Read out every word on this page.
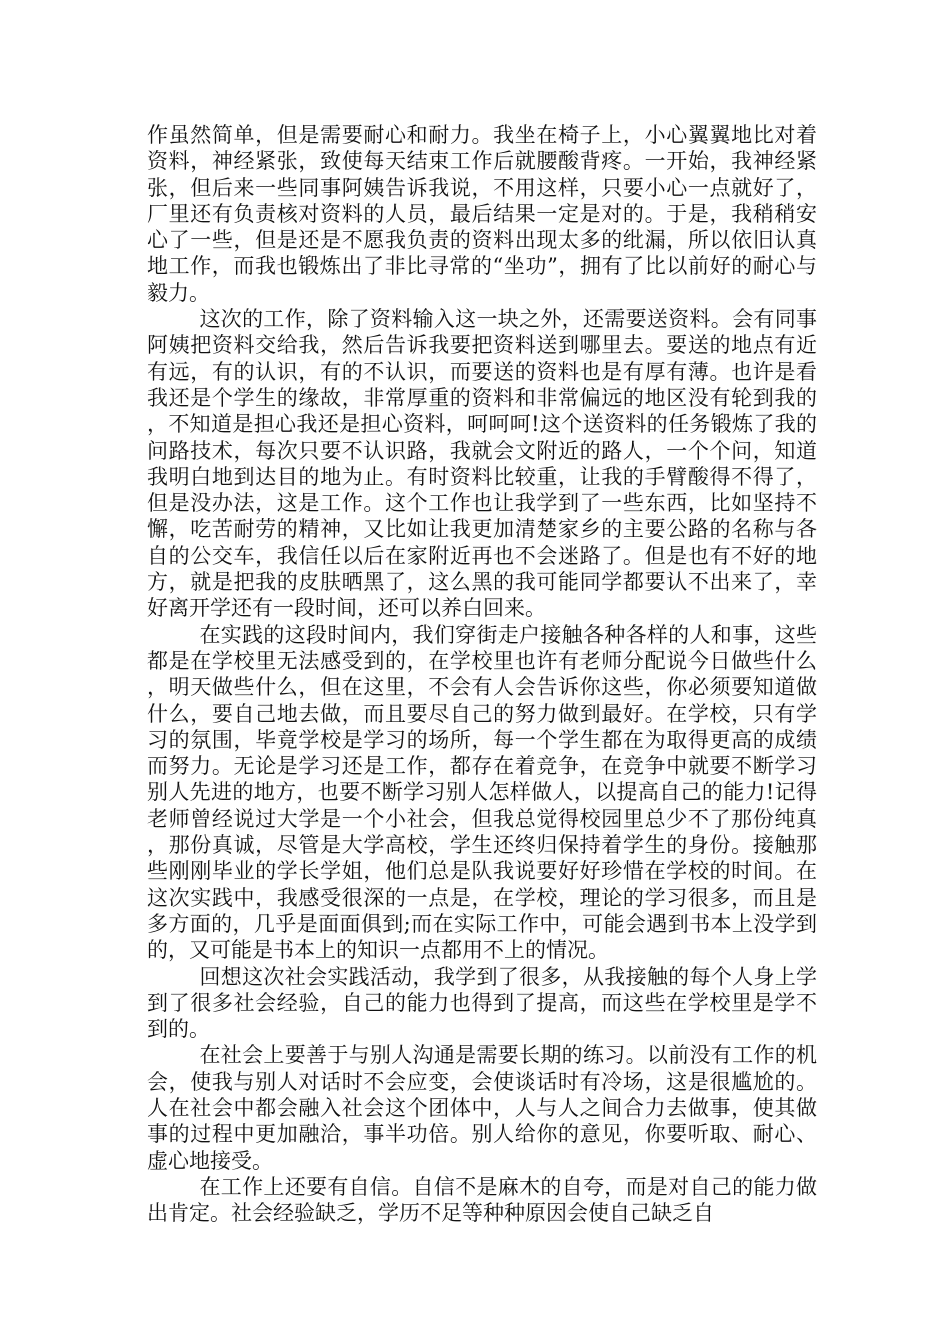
作虽然简单，但是需要耐心和耐力。我坐在椅子上，小心翼翼地比对着资料，神经紧张，致使每天结束工作后就腰酸背疼。一开始，我神经紧张，但后来一些同事阿姨告诉我说，不用这样，只要小心一点就好了，厂里还有负责核对资料的人员，最后结果一定是对的。于是，我稍稍安心了一些，但是还是不愿我负责的资料出现太多的纰漏，所以依旧认真地工作，而我也锻炼出了非比寻常的“坐功”，拥有了比以前好的耐心与毅力。

这次的工作，除了资料输入这一块之外，还需要送资料。会有同事阿姨把资料交给我，然后告诉我要把资料送到哪里去。要送的地点有近有远，有的认识，有的不认识，而要送的资料也是有厚有薄。也许是看我还是个学生的缘故，非常厚重的资料和非常偏远的地区没有轮到我的，不知道是担心我还是担心资料，呵呵呵!这个送资料的任务锻炼了我的问路技术，每次只要不认识路，我就会文附近的路人，一个个问，知道我明白地到达目的地为止。有时资料比较重，让我的手臂酸得不得了，但是没办法，这是工作。这个工作也让我学到了一些东西，比如坚持不懈，吃苦耐劳的精神，又比如让我更加清楚家乡的主要公路的名称与各自的公交车，我信任以后在家附近再也不会迷路了。但是也有不好的地方，就是把我的皮肤晒黑了，这么黑的我可能同学都要认不出来了，幸好离开学还有一段时间，还可以养白回来。

在实践的这段时间内，我们穿街走户接触各种各样的人和事，这些都是在学校里无法感受到的，在学校里也许有老师分配说今日做些什么，明天做些什么，但在这里，不会有人会告诉你这些，你必须要知道做什么，要自己地去做，而且要尽自己的努力做到最好。在学校，只有学习的氛围，毕竟学校是学习的场所，每一个学生都在为取得更高的成绩而努力。无论是学习还是工作，都存在着竞争，在竞争中就要不断学习别人先进的地方，也要不断学习别人怎样做人，以提高自己的能力!记得老师曾经说过大学是一个小社会，但我总觉得校园里总少不了那份纯真，那份真诚，尽管是大学高校，学生还终归保持着学生的身份。接触那些刚刚毕业的学长学姐，他们总是队我说要好好珍惜在学校的时间。在这次实践中，我感受很深的一点是，在学校，理论的学习很多，而且是多方面的，几乎是面面俱到;而在实际工作中，可能会遇到书本上没学到的，又可能是书本上的知识一点都用不上的情况。

回想这次社会实践活动，我学到了很多，从我接触的每个人身上学到了很多社会经验，自己的能力也得到了提高，而这些在学校里是学不到的。

在社会上要善于与别人沟通是需要长期的练习。以前没有工作的机会，使我与别人对话时不会应变，会使谈话时有冷场，这是很尴尬的。人在社会中都会融入社会这个团体中，人与人之间合力去做事，使其做事的过程中更加融洽，事半功倍。别人给你的意见，你要听取、耐心、虚心地接受。

在工作上还要有自信。自信不是麻木的自夸，而是对自己的能力做出肯定。社会经验缺乏，学历不足等种种原因会使自己缺乏自
